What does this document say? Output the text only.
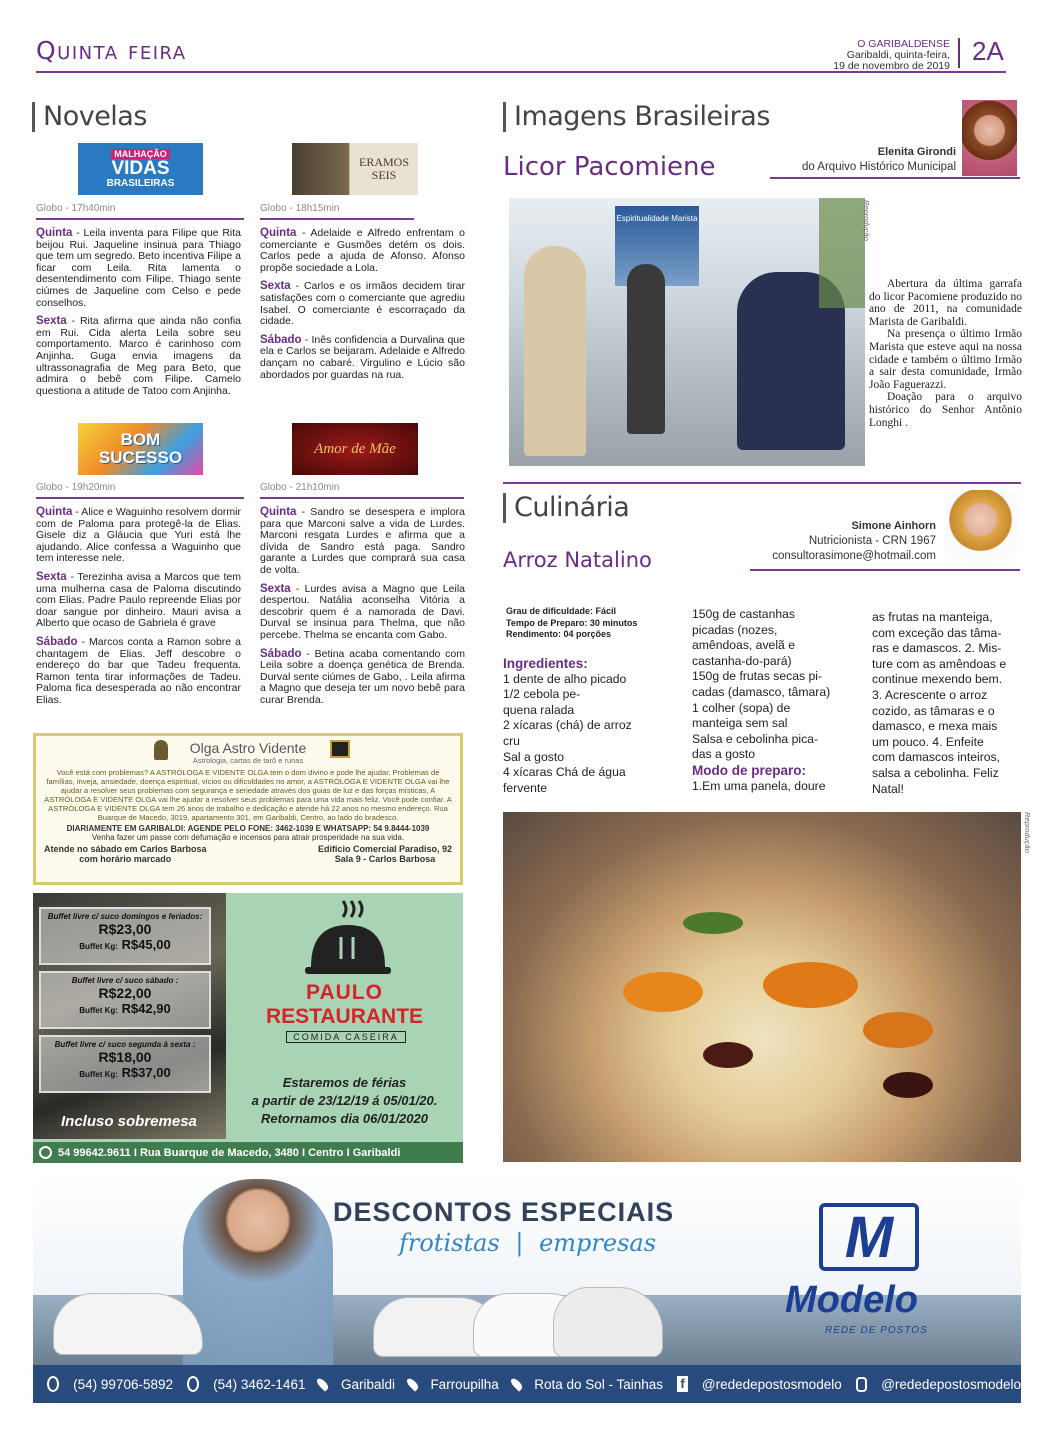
Quinta feira	O GARIBALDENSE
Garibaldi, quinta-feira,
19 de novembro de 2019 2A
Novelas
MALHAÇÃO
VIDAS
BRASILEIRAS
Globo - 17h40min

Quinta - Leila inventa para Filipe que Rita beijou Rui. Jaqueline insinua para Thiago que tem um segredo. Beto incentiva Filipe a ficar com Leila. Rita lamenta o desentendimento com Filipe. Thiago sente ciúmes de Jaqueline com Celso e pede conselhos.

Sexta - Rita afirma que ainda não confia em Rui. Cida alerta Leila sobre seu comportamento. Marco é carinhoso com Anjinha. Guga envia imagens da ultrassonagrafia de Meg para Beto, que admira o bebê com Filipe. Camelo questiona a atitude de Tatoo com Anjinha.

ERAMOS SEIS
Globo - 18h15min

Quinta - Adelaide e Alfredo enfrentam o comerciante e Gusmões detém os dois. Carlos pede a ajuda de Afonso. Afonso propõe sociedade a Lola.

Sexta - Carlos e os irmãos decidem tirar satisfações com o comerciante que agrediu Isabel. O comerciante é escorraçado da cidade.

Sábado - Inês confidencia a Durvalina que ela e Carlos se beijaram. Adelaide e Alfredo dançam no cabaré. Virgulino e Lúcio são abordados por guardas na rua.

BOM SUCESSO
Globo - 19h20min

Quinta - Alice e Waguinho resolvem dormir com de Paloma para protegê-la de Elias. Gisele diz a Gláucia que Yuri está lhe ajudando. Alice confessa a Waguinho que tem interesse nele.

Sexta - Terezinha avisa a Marcos que tem uma mulherna casa de Paloma discutindo com Elias. Padre Paulo repreende Elias por doar sangue por dinheiro. Mauri avisa a Alberto que ocaso de Gabriela é grave

Sábado - Marcos conta a Ramon sobre a chantagem de Elias. Jeff descobre o endereço do bar que Tadeu frequenta. Ramon tenta tirar informações de Tadeu. Paloma fica desesperada ao não encontrar Elias.

Amor de Mãe
Globo - 21h10min

Quinta - Sandro se desespera e implora para que Marconi salve a vida de Lurdes. Marconi resgata Lurdes e afirma que a dívida de Sandro está paga. Sandro garante a Lurdes que comprará sua casa de volta.

Sexta - Lurdes avisa a Magno que Leila despertou. Natália aconselha Vitória a descobrir quem é a namorada de Davi. Durval se insinua para Thelma, que não percebe. Thelma se encanta com Gabo.

Sábado - Betina acaba comentando com Leila sobre a doença genética de Brenda. Durval sente ciúmes de Gabo, . Leila afirma a Magno que deseja ter um novo bebê para curar Brenda.

Olga Astro Vidente
Astrologia, cartas de tarô e runas
Você está com problemas? A ASTRÓLOGA E VIDENTE OLGA tem o dom divino e pode lhe ajudar. Problemas de famílias, inveja, ansiedade, doença espiritual, vícios ou dificuldades no amor, a ASTRÓLOGA E VIDENTE OLGA vai lhe ajudar a resolver seus problemas com segurança e seriedade através dos guias de luz e das forças místicas, A ASTRÓLOGA E VIDENTE OLGA vai lhe ajudar a resolver seus problemas para uma vida mais feliz. Você pode confiar. A ASTRÓLOGA E VIDENTE OLGA tem 26 anos de trabalho e dedicação e atende há 22 anos no mesmo endereço. Rua Buarque de Macedo, 3019, apartamento 301, em Garibaldi, Centro, ao lado do bradesco.
DIARIAMENTE EM GARIBALDI: AGENDE PELO FONE: 3462-1039 E WHATSAPP: 54 9.8444-1039
Venha fazer um passe com defumação e incensos para atrair prosperidade na sua vida.
Atende no sábado em Carlos Barbosa
com horário marcado
Edifício Comercial Paradiso, 92
Sala 9 - Carlos Barbosa
Buffet livre c/ suco domingos e feriados:
R$23,00
Buffet Kg: R$45,00
Buffet livre c/ suco sábado :
R$22,00
Buffet Kg: R$42,90
Buffet livre c/ suco segunda à sexta :
R$18,00
Buffet Kg: R$37,00
Incluso sobremesa
PAULO
RESTAURANTE
COMIDA CASEIRA
Estaremos de férias
a partir de 23/12/19 á 05/01/20.
Retornamos dia 06/01/2020
54 99642.9611 I Rua Buarque de Macedo, 3480 I Centro I Garibaldi
Imagens Brasileiras
Licor Pacomiene	Elenita Girondi
do Arquivo Histórico Municipal
Espiritualidade Marista	Reprodução

Abertura da última garrafa do licor Pacomiene produzido no ano de 2011, na comunidade Marista de Garibaldi.

Na presença o último Irmão Marista que esteve aqui na nossa cidade e também o último Irmão a sair desta comunidade, Irmão João Faguerazzi.

Doação para o arquivo histórico do Senhor Antônio Longhi .

Culinária
Arroz Natalino
Simone Ainhorn
Nutricionista - CRN 1967
consultorasimone@hotmail.com
Grau de dificuldade: Fácil
Tempo de Preparo: 30 minutos
Rendimento: 04 porções
Ingredientes:
1 dente de alho picado
1/2 cebola pe-
quena ralada
2 xícaras (chá) de arroz
cru
Sal a gosto
4 xícaras Chá de água
fervente
150g de castanhas
picadas (nozes,
amêndoas, avelã e
castanha-do-pará)
150g de frutas secas pi-
cadas (damasco, tâmara)
1 colher (sopa) de
manteiga sem sal
Salsa e cebolinha pica-
das a gosto
Modo de preparo:
1.Em uma panela, doure
as frutas na manteiga,
com exceção das tâma-
ras e damascos. 2. Mis-
ture com as amêndoas e
continue mexendo bem.
3. Acrescente o arroz
cozido, as tâmaras e o
damasco, e mexa mais
um pouco. 4. Enfeite
com damascos inteiros,
salsa a cebolinha. Feliz
Natal!
Reprodução
DESCONTOS ESPECIAIS
frotistas | empresas	M
Modelo
REDE DE POSTOS
(54) 99706-5892	(54) 3462-1461	Garibaldi	Farroupilha	Rota do Sol - Tainhas f @rededepostosmodelo	@rededepostosmodelo
